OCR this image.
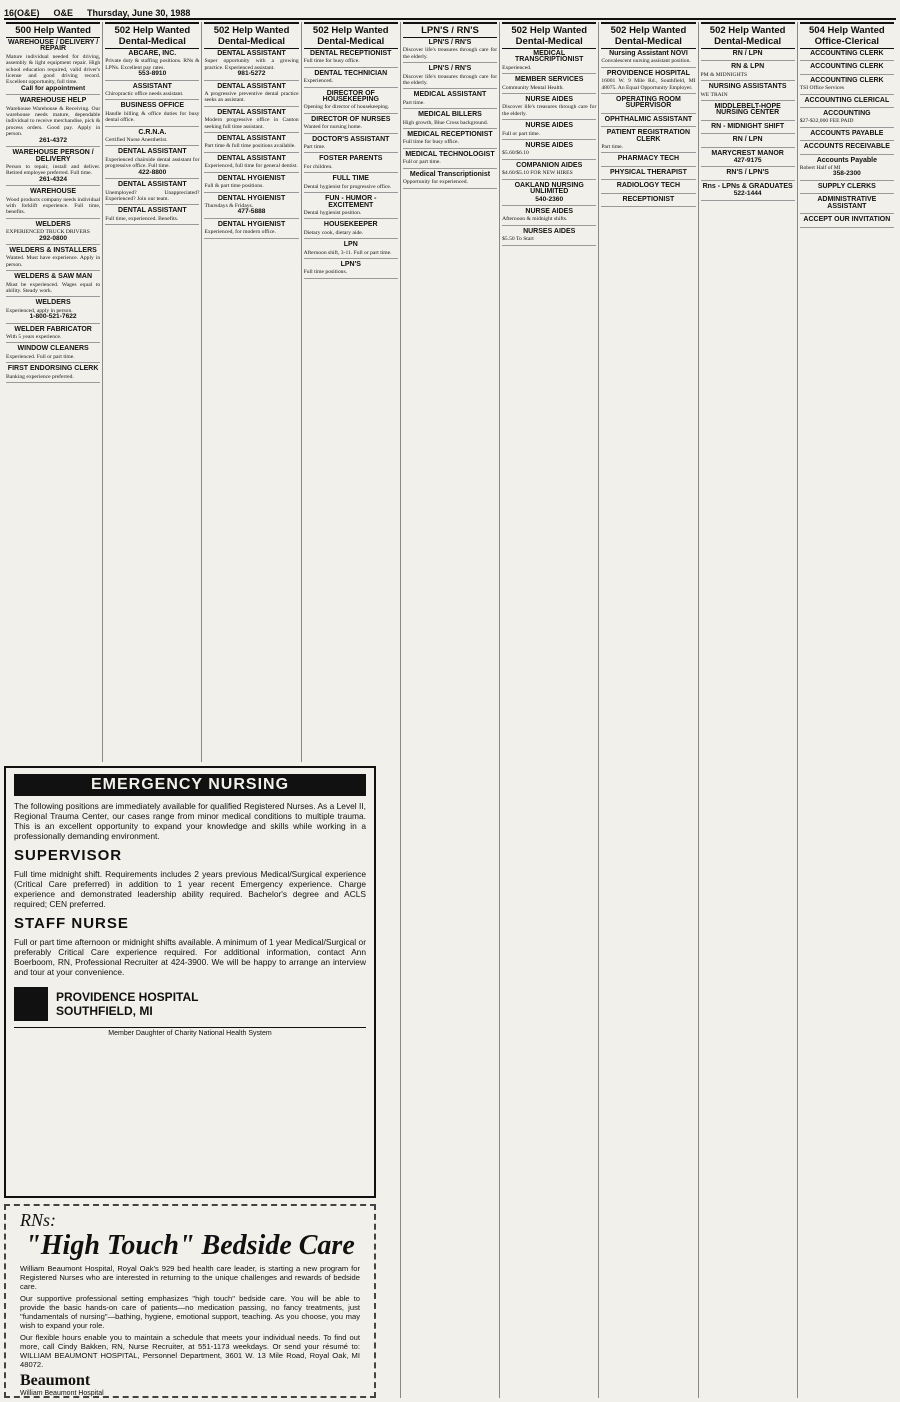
16(O&E) O&E Thursday, June 30, 1988
500 Help Wanted
WAREHOUSE / DELIVERY / REPAIR
Mature individual needed for driving, assembly & light equipment repair. High school education required, valid driver's license and good driving record. Excellent opportunity, full time.
Call for appointment
WAREHOUSE HELP
Warehouse Warehouse & Receiving. Our warehouse needs mature, dependable individual to receive merchandise, pick & process orders. Good pay. Apply in person.
261-4372
WAREHOUSE PERSON / DELIVERY
Person to repair, install and deliver. Retired employee preferred. Full time.
261-4324
WAREHOUSE
Wood products company needs individual with forklift experience. Full time, benefits.
WELDERS
EXPERIENCED TRUCK DRIVERS
292-0800
WELDERS & INSTALLERS
Wanted. Must have experience. Apply in person.
WELDERS & SAW MAN
Must be experienced. Wages equal to ability. Steady work.
WELDERS
Experienced, apply in person.
1-800-521-7622
WELDER FABRICATOR
With 5 years experience.
WINDOW CLEANERS
Experienced. Full or part time.
FIRST ENDORSING CLERK
Banking experience preferred.
502 Help Wanted Dental-Medical
ABCARE, INC.
Private duty & staffing positions. RNs & LPNs. Excellent pay rates.
553-8910
ASSISTANT
Chiropractic office needs assistant.
BUSINESS OFFICE
Handle billing & office duties for busy dental office.
C.R.N.A.
Certified Nurse Anesthetist.
DENTAL ASSISTANT
Experienced chairside dental assistant for progressive office. Full time.
422-8800
DENTAL ASSISTANT
Unemployed? Unappreciated? Experienced? Join our team.
DENTAL ASSISTANT
Full time, experienced. Benefits.
502 Help Wanted Dental-Medical
DENTAL ASSISTANT
Super opportunity with a growing practice. Experienced assistant.
981-5272
DENTAL ASSISTANT
A progressive preventive dental practice seeks an assistant.
DENTAL ASSISTANT
Modern progressive office in Canton seeking full time assistant.
DENTAL ASSISTANT
Part time & full time positions available.
DENTAL ASSISTANT
Experienced, full time for general dentist.
DENTAL HYGIENIST
Full & part time positions.
DENTAL HYGIENIST
Thursdays & Fridays.
477-5888
DENTAL HYGIENIST
Experienced, for modern office.
502 Help Wanted Dental-Medical
DENTAL RECEPTIONIST
Full time for busy office.
DENTAL TECHNICIAN
Experienced.
DIRECTOR OF HOUSEKEEPING
Opening for director of housekeeping.
DIRECTOR OF NURSES
Wanted for nursing home.
DOCTOR'S ASSISTANT
Part time.
FOSTER PARENTS
For children.
FULL TIME
Dental hygienist for progressive office.
FUN - HUMOR - EXCITEMENT
Dental hygienist position.
HOUSEKEEPER
Dietary cook, dietary aide.
LPN
Afternoon shift, 3-11. Full or part time.
LPN'S
Full time positions.
LPN'S / RN'S
LPN'S / RN'S
Discover life's treasures through care for the elderly.
LPN'S / RN'S
Discover life's treasures through care for the elderly.
MEDICAL ASSISTANT
Part time.
MEDICAL BILLERS
High growth, Blue Cross background.
MEDICAL RECEPTIONIST
Full time for busy office.
MEDICAL TECHNOLOGIST
Full or part time.
Medical Transcriptionist
Opportunity for experienced.
502 Help Wanted Dental-Medical
MEDICAL TRANSCRIPTIONIST
Experienced.
MEMBER SERVICES
Community Mental Health.
NURSE AIDES
Discover life's treasures through care for the elderly.
NURSE AIDES
Full or part time.
NURSE AIDES
$5.60/$6.10
COMPANION AIDES
$4.60/$5.10 FOR NEW HIRES
OAKLAND NURSING UNLIMITED
540-2360
NURSE AIDES
Afternoon & midnight shifts.
NURSES AIDES
$5.50 To Start
502 Help Wanted Dental-Medical
Nursing Assistant NOVI
Convalescent nursing assistant position.
PROVIDENCE HOSPITAL
16001 W. 9 Mile Rd., Southfield, MI 48075. An Equal Opportunity Employer.
OPERATING ROOM SUPERVISOR
OPHTHALMIC ASSISTANT
PATIENT REGISTRATION CLERK
Part time.
PHARMACY TECH
PHYSICAL THERAPIST
RADIOLOGY TECH
RECEPTIONIST
502 Help Wanted Dental-Medical
RN / LPN
RN & LPN
PM & MIDNIGHTS
NURSING ASSISTANTS
WE TRAIN
MIDDLEBELT-HOPE NURSING CENTER
RN - MIDNIGHT SHIFT
RN / LPN
MARYCREST MANOR
427-9175
RN'S / LPN'S
Rns - LPNs & GRADUATES
522-1444
504 Help Wanted Office-Clerical
ACCOUNTING CLERK
ACCOUNTING CLERK
ACCOUNTING CLERK
TSI Office Services
ACCOUNTING CLERICAL
ACCOUNTING
$27-$32,000 FEE PAID
ACCOUNTS PAYABLE
ACCOUNTS RECEIVABLE
Accounts Payable
Robert Half of MI
358-2300
SUPPLY CLERKS
ADMINISTRATIVE ASSISTANT
ACCEPT OUR INVITATION
EMERGENCY NURSING

The following positions are immediately available for qualified Registered Nurses. As a Level II, Regional Trauma Center, our cases range from minor medical conditions to multiple trauma. This is an excellent opportunity to expand your knowledge and skills while working in a professionally demanding environment.

SUPERVISOR

Full time midnight shift. Requirements includes 2 years previous Medical/Surgical experience (Critical Care preferred) in addition to 1 year recent Emergency experience. Charge experience and demonstrated leadership ability required. Bachelor's degree and ACLS required; CEN preferred.

STAFF NURSE

Full or part time afternoon or midnight shifts available. A minimum of 1 year Medical/Surgical or preferably Critical Care experience required. For additional information, contact Ann Boerboom, RN, Professional Recruiter at 424-3900. We will be happy to arrange an interview and tour at your convenience.

PROVIDENCE HOSPITAL
SOUTHFIELD, MI
Member Daughter of Charity National Health System
RNs:
"High Touch" Bedside Care

William Beaumont Hospital, Royal Oak's 929 bed health care leader, is starting a new program for Registered Nurses who are interested in returning to the unique challenges and rewards of bedside care.

Our supportive professional setting emphasizes "high touch" bedside care. You will be able to provide the basic hands-on care of patients—no medication passing, no fancy treatments, just "fundamentals of nursing"—bathing, hygiene, emotional support, teaching. As you choose, you may wish to expand your role.

Our flexible hours enable you to maintain a schedule that meets your individual needs. To find out more, call Cindy Bakken, RN, Nurse Recruiter, at 551-1173 weekdays. Or send your résumé to: WILLIAM BEAUMONT HOSPITAL, Personnel Department, 3601 W. 13 Mile Road, Royal Oak, MI 48072.

Beaumont
William Beaumont Hospital
